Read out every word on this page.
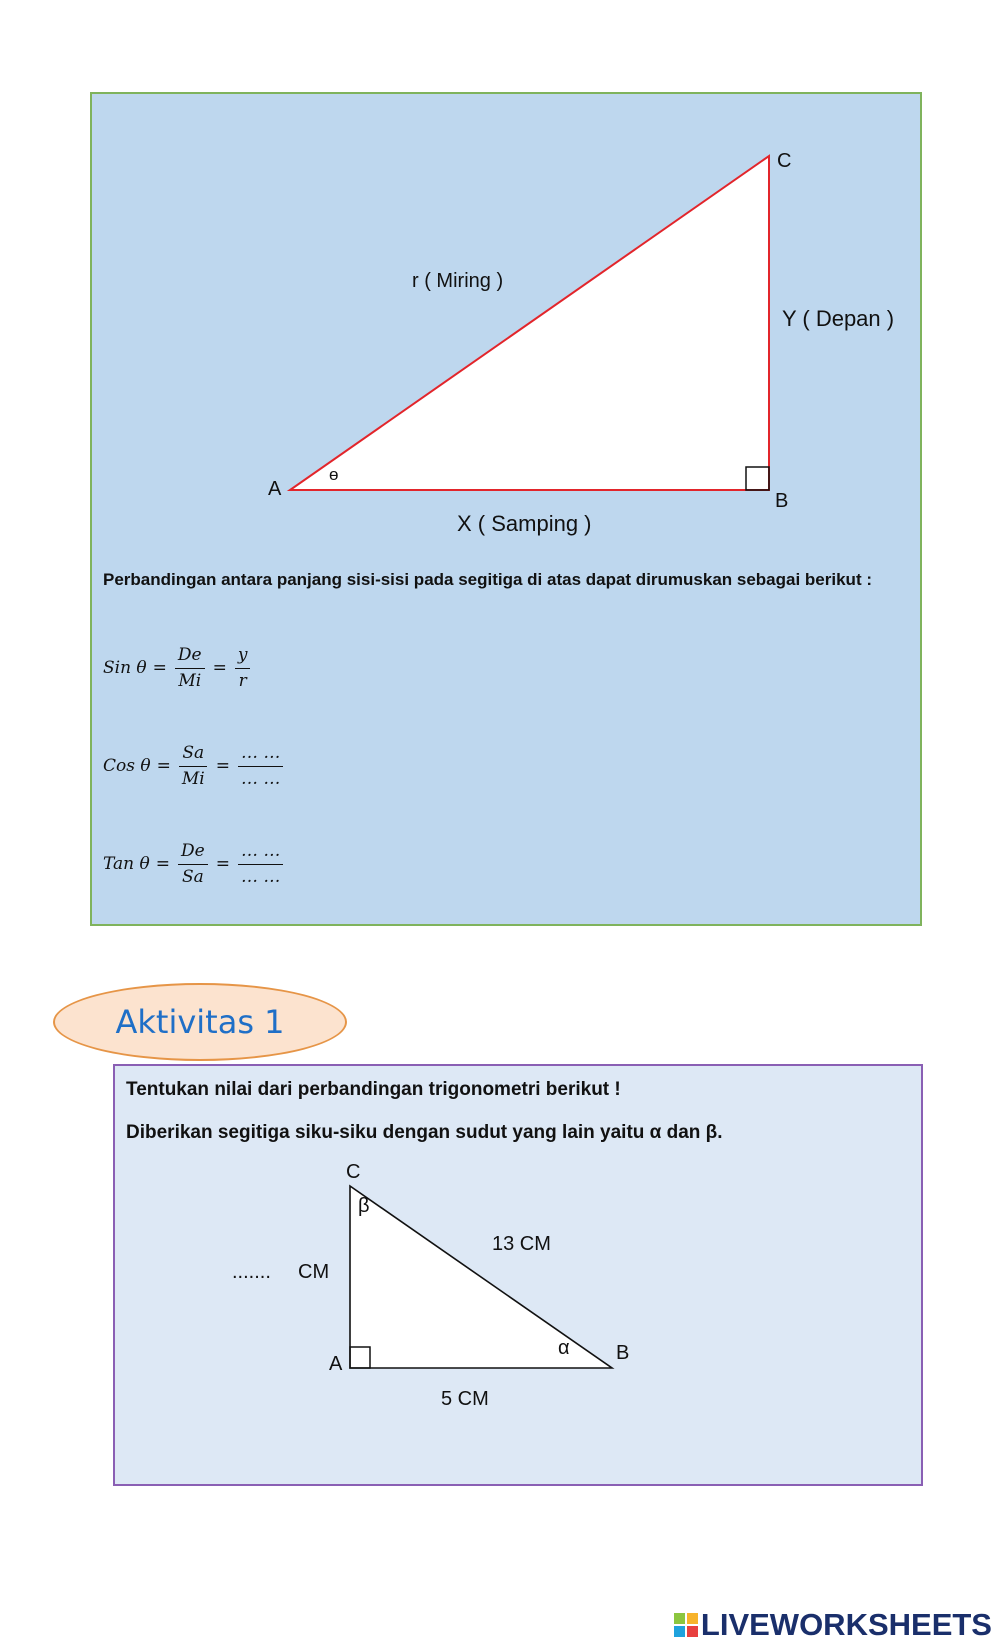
A
B
C
ө
r ( Miring )
Y ( Depan )
X ( Samping )
Perbandingan antara panjang sisi-sisi pada segitiga di atas dapat dirumuskan sebagai berikut :
Sin $\theta = \frac{De}{Mi} = \frac{y}{r}$
Cos $\theta = \frac{Sa}{Mi} = \frac{\dots \dots}{\dots \dots}$
Tan $\theta = \frac{De}{Sa} = \frac{\dots \dots}{\dots \dots}$
Aktivitas 1
Tentukan nilai dari perbandingan trigonometri berikut !
Diberikan segitiga siku-siku dengan sudut yang lain yaitu α dan β.
C
β
13 CM
....... CM
α B
A
5 CM
LIVEWORKSHEETS
